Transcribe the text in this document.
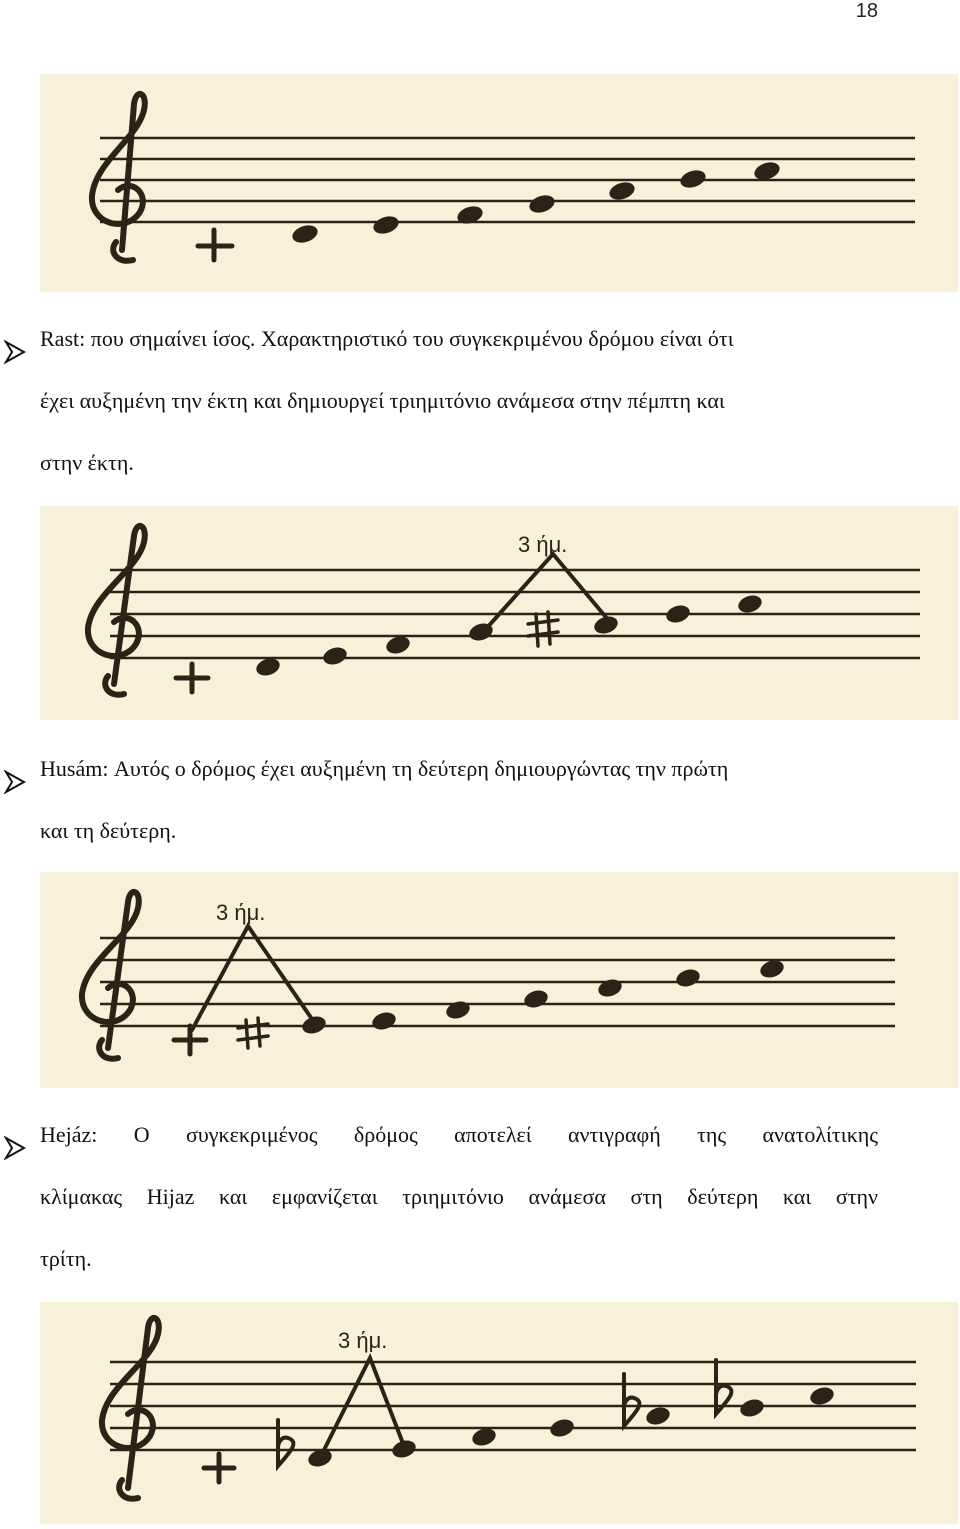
18
Rast: που σημαίνει ίσος. Χαρακτηριστικό του συγκεκριμένου δρόμου είναι ότι
έχει αυξημένη την έκτη και δημιουργεί τριημιτόνιο ανάμεσα στην πέμπτη και
στην έκτη.
3 ήμ.
Husám: Αυτός ο δρόμος έχει αυξημένη τη δεύτερη δημιουργώντας την πρώτη
και τη δεύτερη.
3 ήμ.
Hejáz: Ο συγκεκριμένος δρόμος αποτελεί αντιγραφή της ανατολίτικης
κλίμακας Hijaz και εμφανίζεται τριημιτόνιο ανάμεσα στη δεύτερη και στην
τρίτη.
3 ήμ.
